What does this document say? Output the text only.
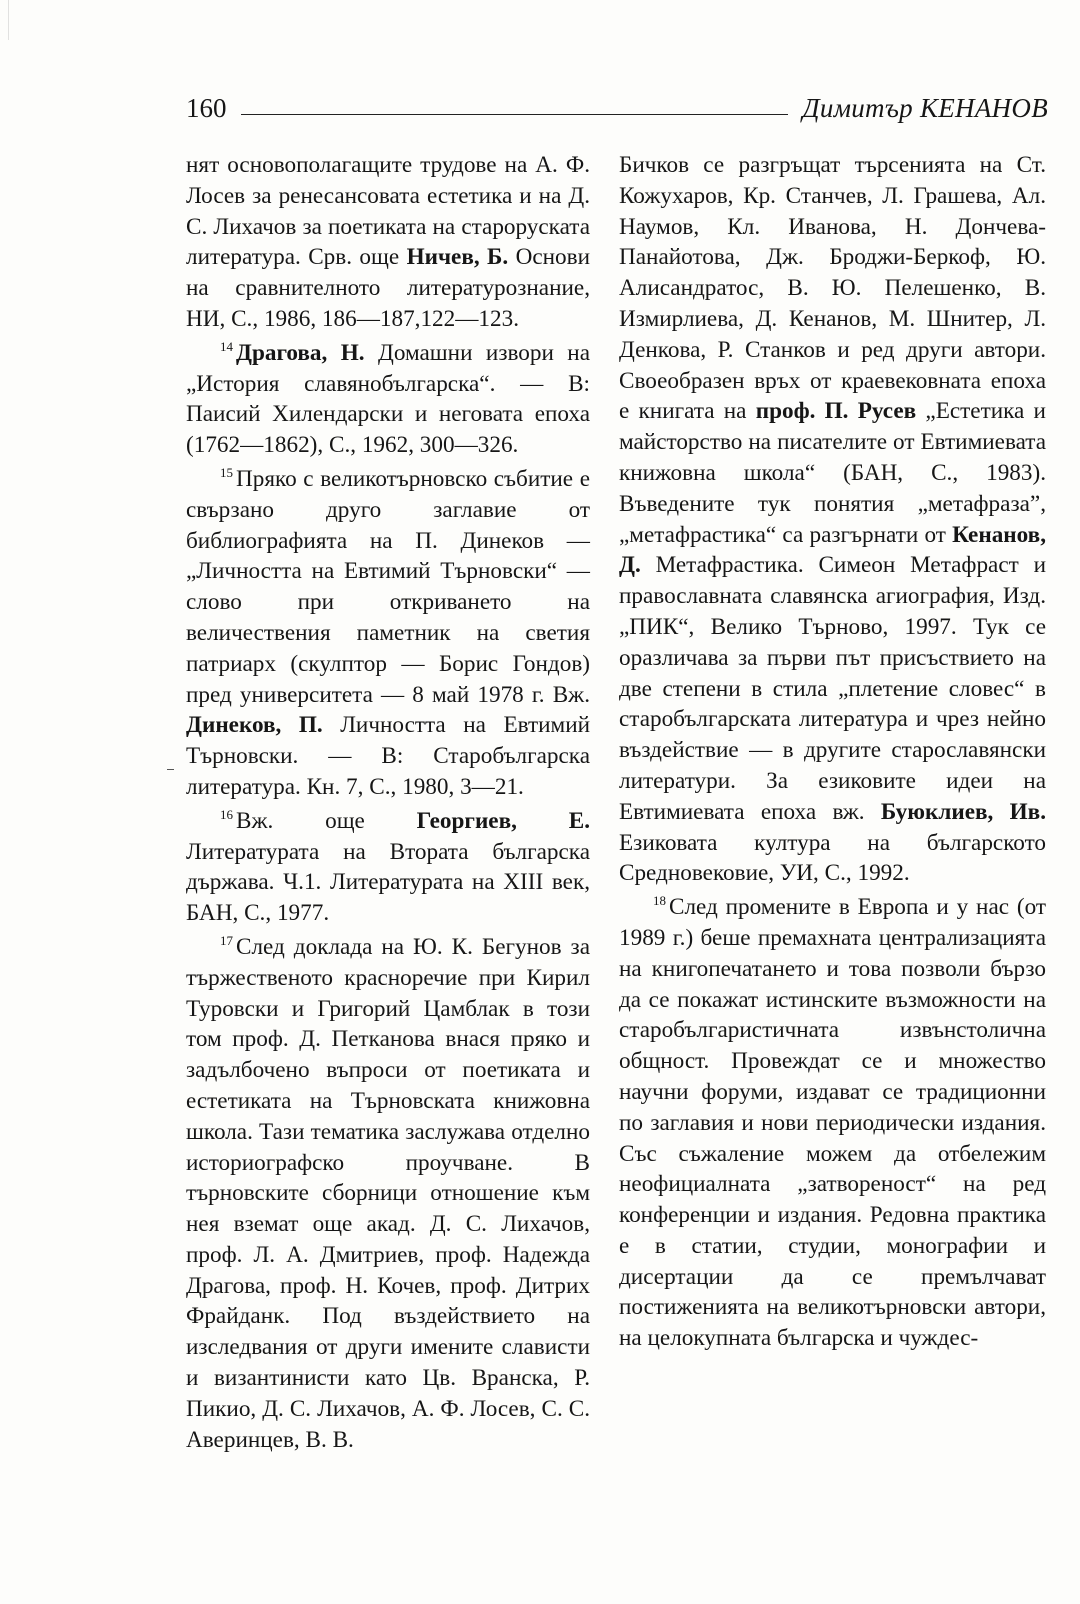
160	Димитър КЕНАНОВ

нят основополагащите трудове на А. Ф. Лосев за ренесансовата естетика и на Д. С. Лихачов за поетиката на староруската литература. Срв. още Ничев, Б. Основи на сравнителното литературознание, НИ, С., 1986, 186—187,122—123.

$^{14}$ Драгова, Н. Домашни извори на „История славянобългарска“. — В: Паисий Хилендарски и неговата епоха (1762—1862), С., 1962, 300—326.

$^{15}$ Пряко с великотърновско събитие е свързано друго заглавие от библиографията на П. Динеков — „Личността на Евтимий Търновски“ — слово при откриването на величествения паметник на светия патриарх (скулптор — Борис Гондов) пред университета — 8 май 1978 г. Вж. Динеков, П. Личността на Евтимий Търновски. — В: Старобългарска литература. Кн. 7, С., 1980, 3—21.

$^{16}$ Вж. още Георгиев, Е. Литературата на Втората българска държава. Ч.1. Литературата на XIII век, БАН, С., 1977.

$^{17}$ След доклада на Ю. К. Бегунов за тържественото красноречие при Кирил Туровски и Григорий Цамблак в този том проф. Д. Петканова внася пряко и задълбочено въпроси от поетиката и естетиката на Търновската книжовна школа. Тази тематика заслужава отделно историографско проучване. В търновските сборници отношение към нея вземат още акад. Д. С. Лихачов, проф. Л. А. Дмитриев, проф. Надежда Драгова, проф. Н. Кочев, проф. Дитрих Фрайданк. Под въздействието на изследвания от други имените слависти и византинисти като Цв. Вранска, Р. Пикио, Д. С. Лихачов, А. Ф. Лосев, С. С. Аверинцев, В. В.

Бичков се разгръщат търсенията на Ст. Кожухаров, Кр. Станчев, Л. Грашева, Ал. Наумов, Кл. Иванова, Н. Дончева-Панайотова, Дж. Броджи-Беркоф, Ю. Алисандратос, В. Ю. Пелешенко, В. Измирлиева, Д. Кенанов, М. Шнитер, Л. Денкова, Р. Станков и ред други автори. Своеобразен връх от краевековната епоха е книгата на проф. П. Русев „Естетика и майсторство на писателите от Евтимиевата книжовна школа“ (БАН, С., 1983). Въведените тук понятия „метафраза”, „метафрастика“ са разгърнати от Кенанов, Д. Метафрастика. Симеон Метафраст и православната славянска агиография, Изд. „ПИК“, Велико Търново, 1997. Тук се оразличава за първи път присъствието на две степени в стила „плетение словес“ в старобългарската литература и чрез нейно въздействие — в другите старославянски литератури. За езиковите идеи на Евтимиевата епоха вж. Буюклиев, Ив. Езиковата култура на българското Средновековие, УИ, С., 1992.

$^{18}$ След промените в Европа и у нас (от 1989 г.) беше премахната централизацията на книгопечатането и това позволи бързо да се покажат истинските възможности на старобългаристичната извънстолична общност. Провеждат се и множество научни форуми, издават се традиционни по заглавия и нови периодически издания. Със съжаление можем да отбележим неофициалната „затвореност“ на ред конференции и издания. Редовна практика е в статии, студии, монографии и дисертации да се премълчават постиженията на великотърновски автори, на целокупната българска и чуждес-
